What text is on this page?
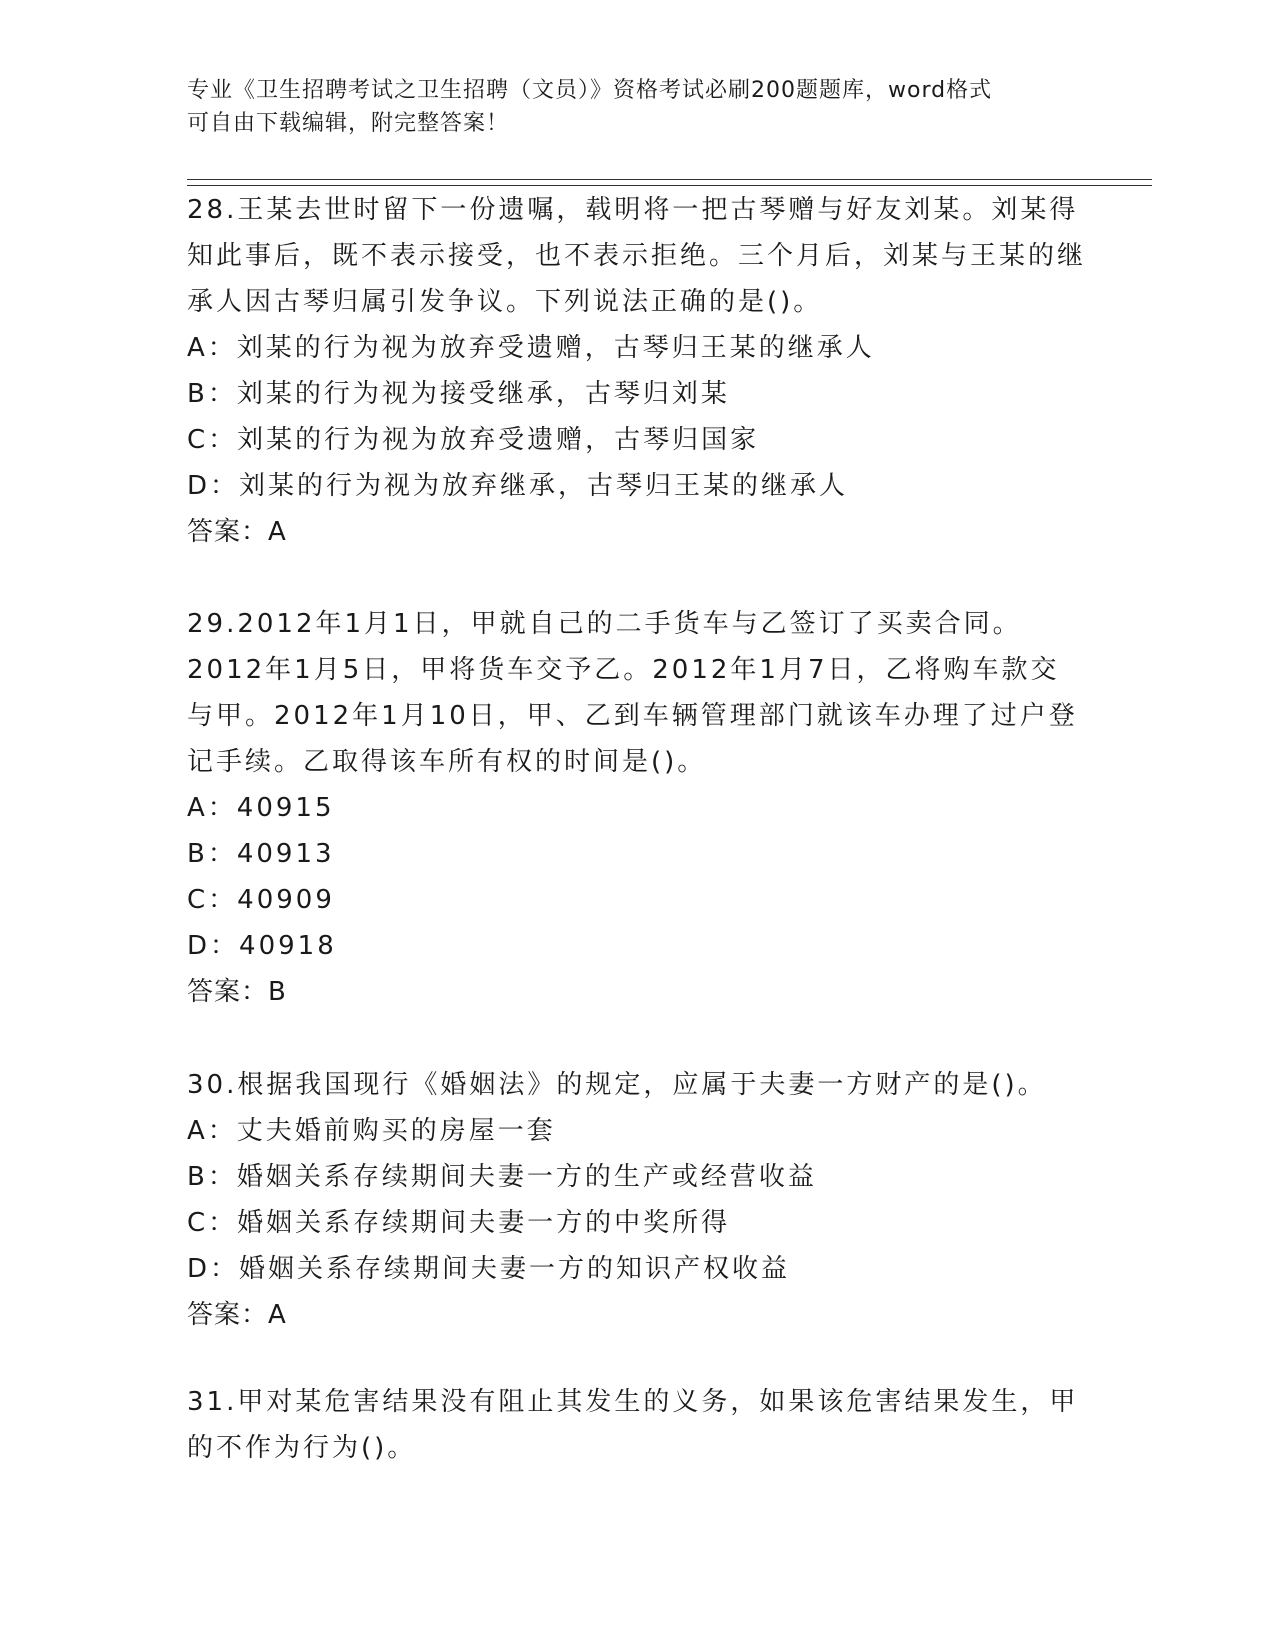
专业《卫生招聘考试之卫生招聘（文员）》资格考试必刷200题题库，word格式
可自由下载编辑，附完整答案！
28.王某去世时留下一份遗嘱，载明将一把古琴赠与好友刘某。刘某得知此事后，既不表示接受，也不表示拒绝。三个月后，刘某与王某的继承人因古琴归属引发争议。下列说法正确的是()。
A：刘某的行为视为放弃受遗赠，古琴归王某的继承人
B：刘某的行为视为接受继承，古琴归刘某
C：刘某的行为视为放弃受遗赠，古琴归国家
D：刘某的行为视为放弃继承，古琴归王某的继承人
答案：A
29.2012年1月1日，甲就自己的二手货车与乙签订了买卖合同。2012年1月5日，甲将货车交予乙。2012年1月7日，乙将购车款交与甲。2012年1月10日，甲、乙到车辆管理部门就该车办理了过户登记手续。乙取得该车所有权的时间是()。
A：40915
B：40913
C：40909
D：40918
答案：B
30.根据我国现行《婚姻法》的规定，应属于夫妻一方财产的是()。
A：丈夫婚前购买的房屋一套
B：婚姻关系存续期间夫妻一方的生产或经营收益
C：婚姻关系存续期间夫妻一方的中奖所得
D：婚姻关系存续期间夫妻一方的知识产权收益
答案：A
31.甲对某危害结果没有阻止其发生的义务，如果该危害结果发生，甲的不作为行为()。
